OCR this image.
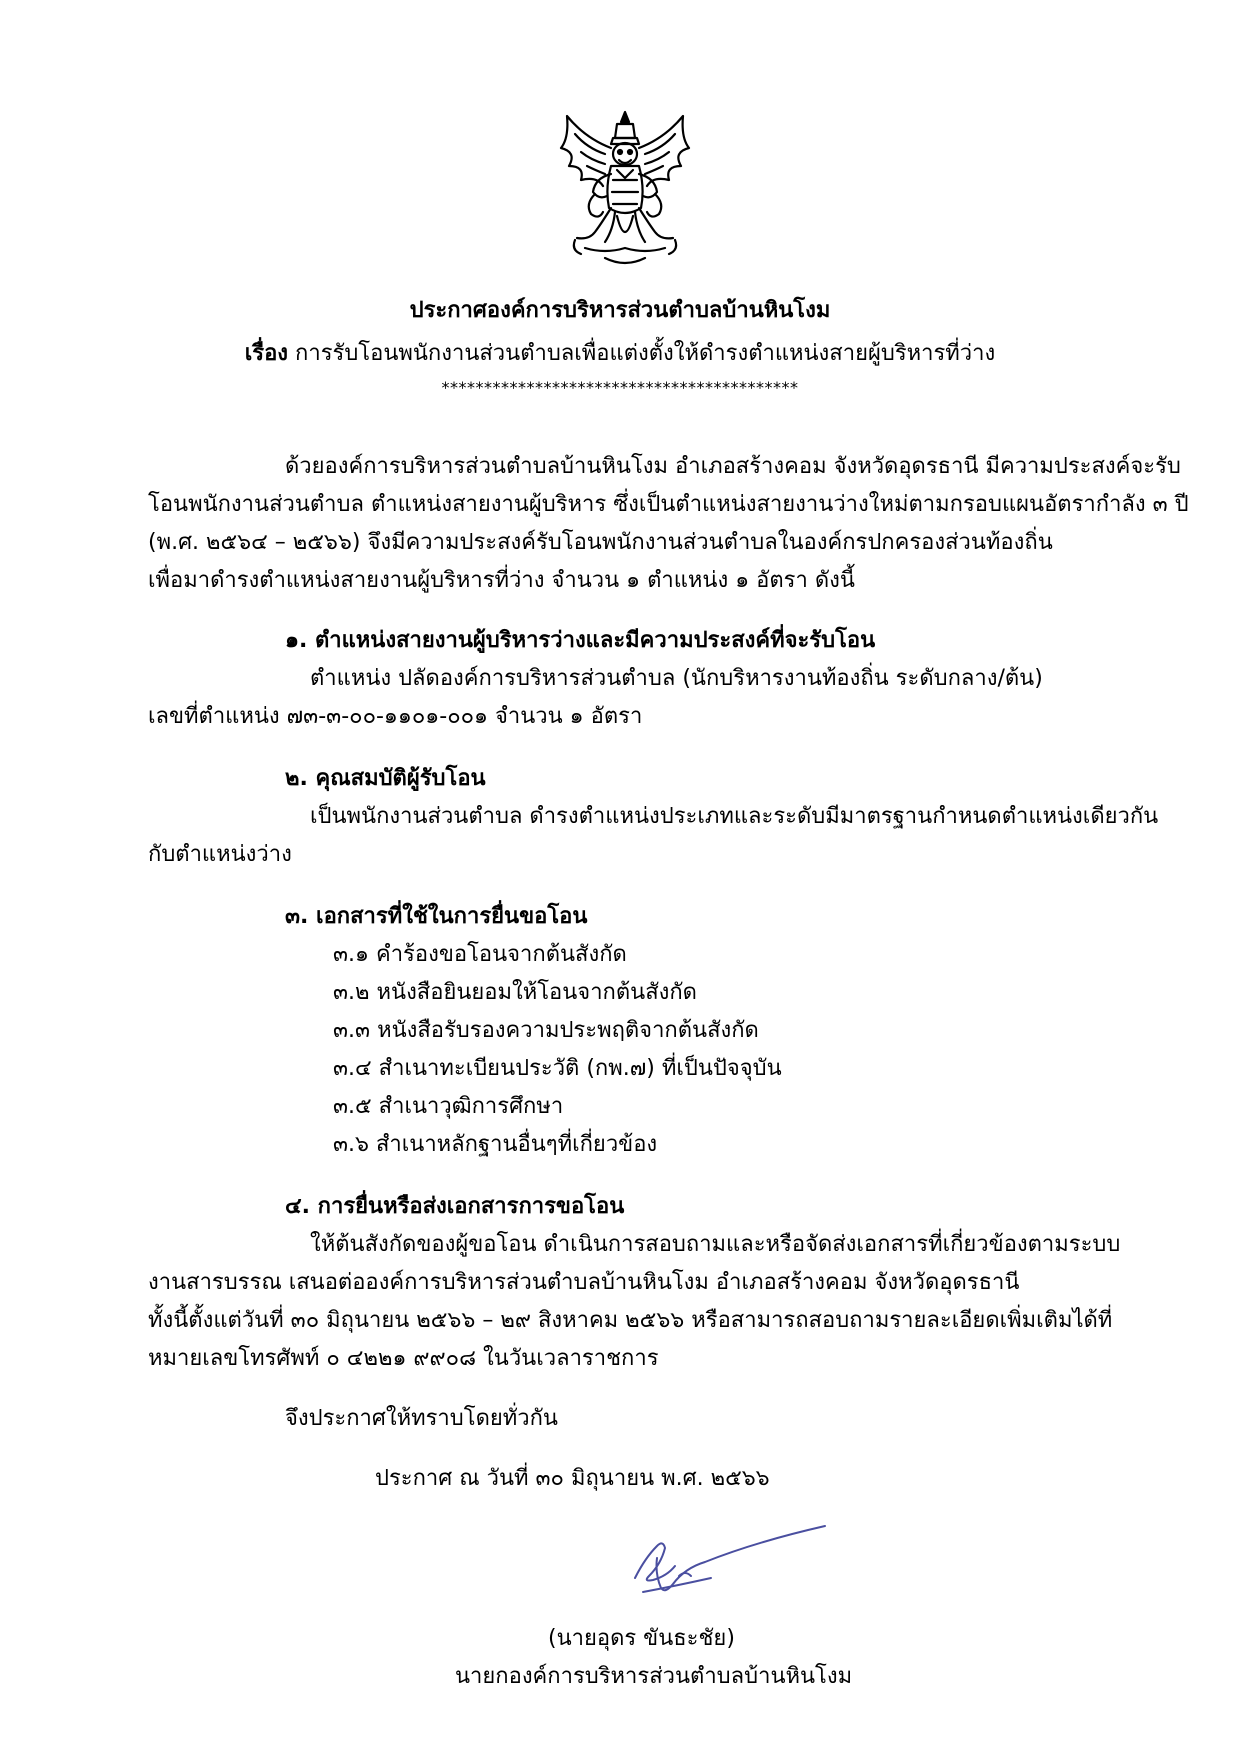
ประกาศองค์การบริหารส่วนตำบลบ้านหินโงม
เรื่อง การรับโอนพนักงานส่วนตำบลเพื่อแต่งตั้งให้ดำรงตำแหน่งสายผู้บริหารที่ว่าง
******************************************
ด้วยองค์การบริหารส่วนตำบลบ้านหินโงม อำเภอสร้างคอม จังหวัดอุดรธานี มีความประสงค์จะรับ
โอนพนักงานส่วนตำบล ตำแหน่งสายงานผู้บริหาร ซึ่งเป็นตำแหน่งสายงานว่างใหม่ตามกรอบแผนอัตรากำลัง ๓ ปี
(พ.ศ. ๒๕๖๔ – ๒๕๖๖) จึงมีความประสงค์รับโอนพนักงานส่วนตำบลในองค์กรปกครองส่วนท้องถิ่น
เพื่อมาดำรงตำแหน่งสายงานผู้บริหารที่ว่าง จำนวน ๑ ตำแหน่ง ๑ อัตรา ดังนี้
๑. ตำแหน่งสายงานผู้บริหารว่างและมีความประสงค์ที่จะรับโอน
ตำแหน่ง ปลัดองค์การบริหารส่วนตำบล (นักบริหารงานท้องถิ่น ระดับกลาง/ต้น)
เลขที่ตำแหน่ง ๗๓-๓-๐๐-๑๑๐๑-๐๐๑ จำนวน ๑ อัตรา
๒. คุณสมบัติผู้รับโอน
เป็นพนักงานส่วนตำบล ดำรงตำแหน่งประเภทและระดับมีมาตรฐานกำหนดตำแหน่งเดียวกัน
กับตำแหน่งว่าง
๓. เอกสารที่ใช้ในการยื่นขอโอน
๓.๑ คำร้องขอโอนจากต้นสังกัด
๓.๒ หนังสือยินยอมให้โอนจากต้นสังกัด
๓.๓ หนังสือรับรองความประพฤติจากต้นสังกัด
๓.๔ สำเนาทะเบียนประวัติ (กพ.๗) ที่เป็นปัจจุบัน
๓.๕ สำเนาวุฒิการศึกษา
๓.๖ สำเนาหลักฐานอื่นๆที่เกี่ยวข้อง
๔. การยื่นหรือส่งเอกสารการขอโอน
ให้ต้นสังกัดของผู้ขอโอน ดำเนินการสอบถามและหรือจัดส่งเอกสารที่เกี่ยวข้องตามระบบ
งานสารบรรณ เสนอต่อองค์การบริหารส่วนตำบลบ้านหินโงม อำเภอสร้างคอม จังหวัดอุดรธานี
ทั้งนี้ตั้งแต่วันที่ ๓๐ มิถุนายน ๒๕๖๖ – ๒๙ สิงหาคม ๒๕๖๖ หรือสามารถสอบถามรายละเอียดเพิ่มเติมได้ที่
หมายเลขโทรศัพท์ ๐ ๔๒๒๑ ๙๙๐๘ ในวันเวลาราชการ
จึงประกาศให้ทราบโดยทั่วกัน
ประกาศ ณ วันที่ ๓๐ มิถุนายน พ.ศ. ๒๕๖๖
(นายอุดร ขันธะชัย)
นายกองค์การบริหารส่วนตำบลบ้านหินโงม
